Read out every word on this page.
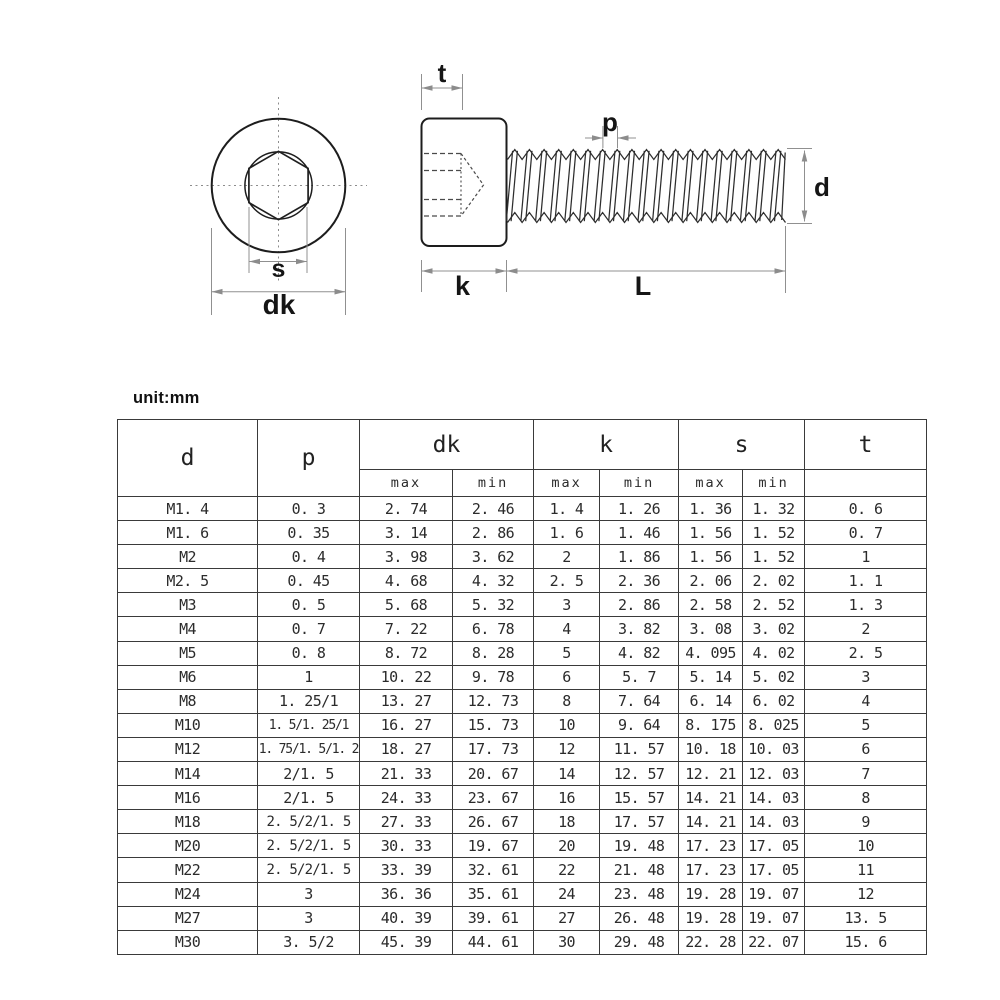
s
dk
t
p
d
k	L
unit:mm
d	p	dk		k		s		t
		max	min	max	min	max	min	
M1. 4	0. 3	2. 74	2. 46	1. 4	1. 26	1. 36	1. 32	0. 6
M1. 6	0. 35	3. 14	2. 86	1. 6	1. 46	1. 56	1. 52	0. 7
M2	0. 4	3. 98	3. 62	2	1. 86	1. 56	1. 52	1
M2. 5	0. 45	4. 68	4. 32	2. 5	2. 36	2. 06	2. 02	1. 1
M3	0. 5	5. 68	5. 32	3	2. 86	2. 58	2. 52	1. 3
M4	0. 7	7. 22	6. 78	4	3. 82	3. 08	3. 02	2
M5	0. 8	8. 72	8. 28	5	4. 82	4. 095	4. 02	2. 5
M6	1	10. 22	9. 78	6	5. 7	5. 14	5. 02	3
M8	1. 25/1	13. 27	12. 73	8	7. 64	6. 14	6. 02	4
M10	1. 5/1. 25/1	16. 27	15. 73	10	9. 64	8. 175	8. 025	5
M12	1. 75/1. 5/1. 2	18. 27	17. 73	12	11. 57	10. 18	10. 03	6
M14	2/1. 5	21. 33	20. 67	14	12. 57	12. 21	12. 03	7
M16	2/1. 5	24. 33	23. 67	16	15. 57	14. 21	14. 03	8
M18	2. 5/2/1. 5	27. 33	26. 67	18	17. 57	14. 21	14. 03	9
M20	2. 5/2/1. 5	30. 33	19. 67	20	19. 48	17. 23	17. 05	10
M22	2. 5/2/1. 5	33. 39	32. 61	22	21. 48	17. 23	17. 05	11
M24	3	36. 36	35. 61	24	23. 48	19. 28	19. 07	12
M27	3	40. 39	39. 61	27	26. 48	19. 28	19. 07	13. 5
M30	3. 5/2	45. 39	44. 61	30	29. 48	22. 28	22. 07	15. 6
